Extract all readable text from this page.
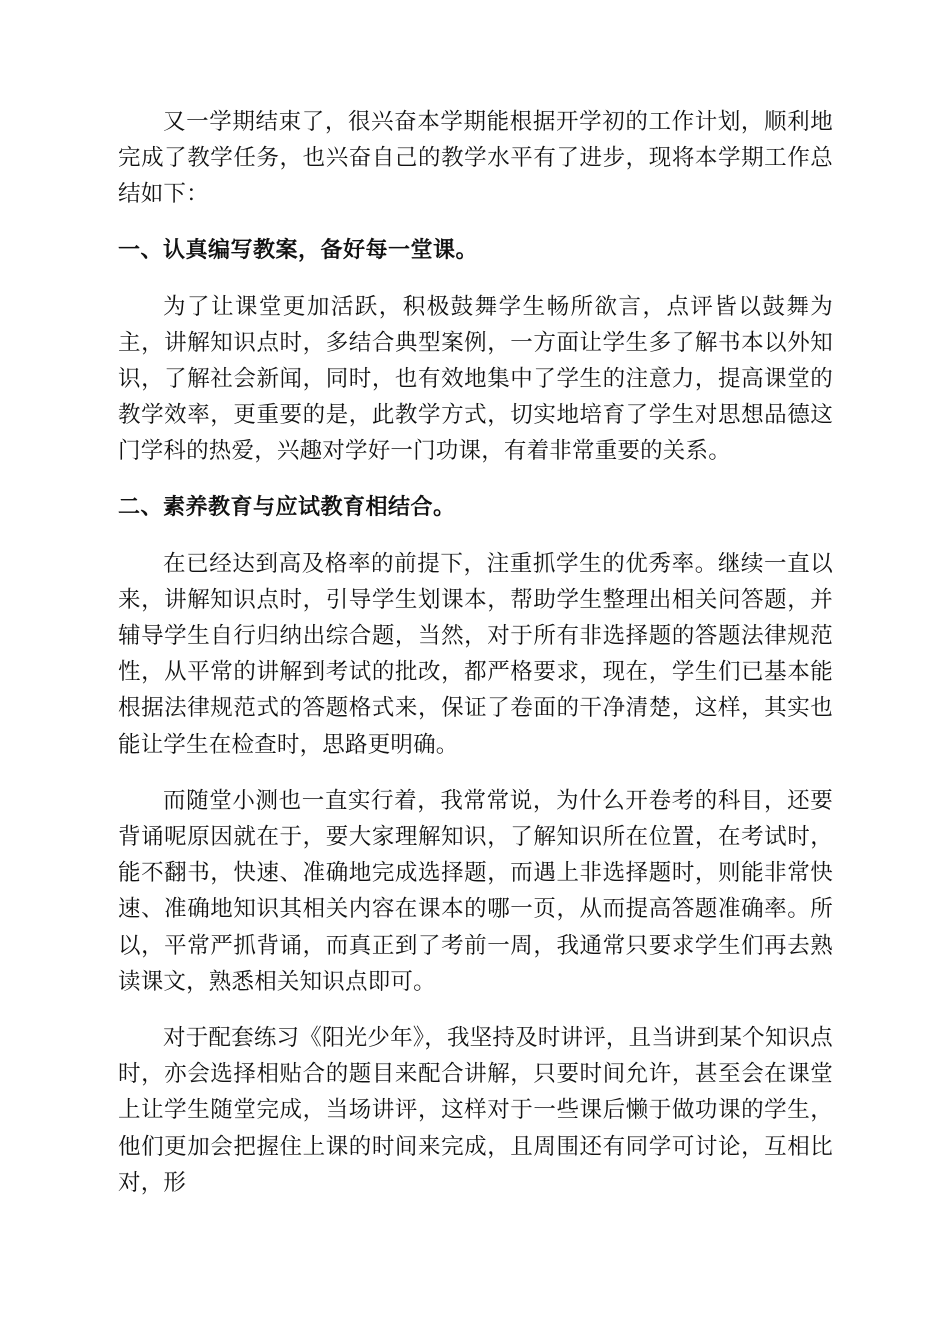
又一学期结束了，很兴奋本学期能根据开学初的工作计划，顺利地完成了教学任务，也兴奋自己的教学水平有了进步，现将本学期工作总结如下：

一、认真编写教案，备好每一堂课。

为了让课堂更加活跃，积极鼓舞学生畅所欲言，点评皆以鼓舞为主，讲解知识点时，多结合典型案例，一方面让学生多了解书本以外知识，了解社会新闻，同时，也有效地集中了学生的注意力，提高课堂的教学效率，更重要的是，此教学方式，切实地培育了学生对思想品德这门学科的热爱，兴趣对学好一门功课，有着非常重要的关系。

二、素养教育与应试教育相结合。

在已经达到高及格率的前提下，注重抓学生的优秀率。继续一直以来，讲解知识点时，引导学生划课本，帮助学生整理出相关问答题，并辅导学生自行归纳出综合题，当然，对于所有非选择题的答题法律规范性，从平常的讲解到考试的批改，都严格要求，现在，学生们已基本能根据法律规范式的答题格式来，保证了卷面的干净清楚，这样，其实也能让学生在检查时，思路更明确。

而随堂小测也一直实行着，我常常说，为什么开卷考的科目，还要背诵呢原因就在于，要大家理解知识，了解知识所在位置，在考试时，能不翻书，快速、准确地完成选择题，而遇上非选择题时，则能非常快速、准确地知识其相关内容在课本的哪一页，从而提高答题准确率。所以，平常严抓背诵，而真正到了考前一周，我通常只要求学生们再去熟读课文，熟悉相关知识点即可。

对于配套练习《阳光少年》，我坚持及时讲评，且当讲到某个知识点时，亦会选择相贴合的题目来配合讲解，只要时间允许，甚至会在课堂上让学生随堂完成，当场讲评，这样对于一些课后懒于做功课的学生，他们更加会把握住上课的时间来完成，且周围还有同学可讨论，互相比对，形
